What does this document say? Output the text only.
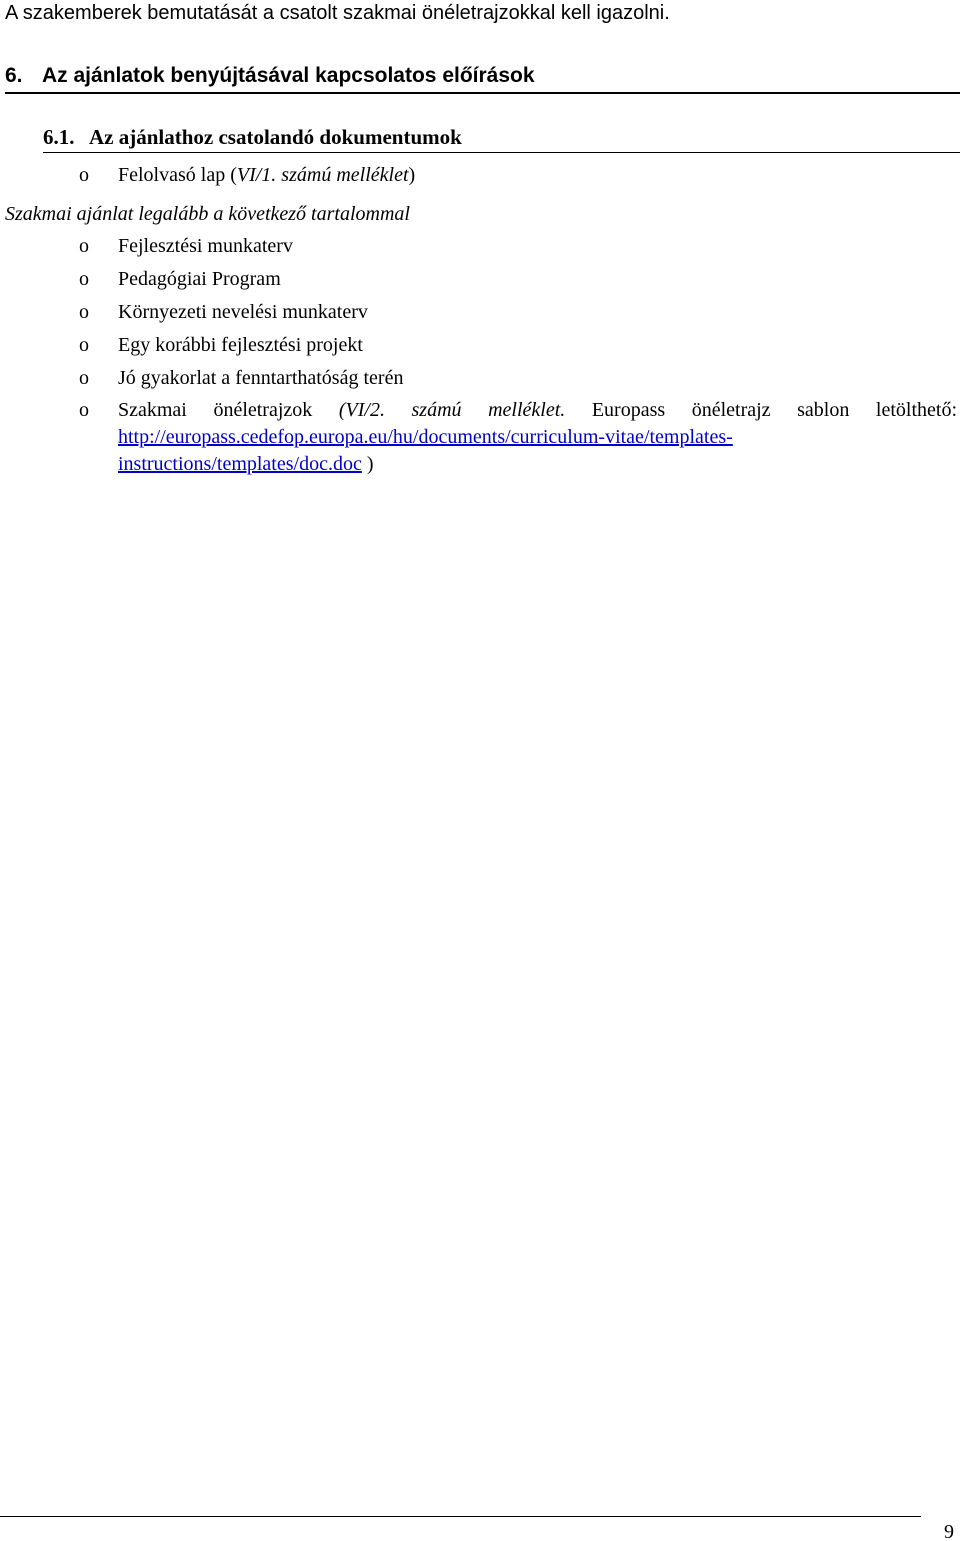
A szakemberek bemutatását a csatolt szakmai önéletrajzokkal kell igazolni.
6. Az ajánlatok benyújtásával kapcsolatos előírások
6.1. Az ajánlathoz csatolandó dokumentumok
o Felolvasó lap (VI/1. számú melléklet)
Szakmai ajánlat legalább a következő tartalommal
o Fejlesztési munkaterv
o Pedagógiai Program
o Környezeti nevelési munkaterv
o Egy korábbi fejlesztési projekt
o Jó gyakorlat a fenntarthatóság terén
o Szakmai önéletrajzok (VI/2. számú melléklet. Europass önéletrajz sablon letölthető:
http://europass.cedefop.europa.eu/hu/documents/curriculum-vitae/templates-
instructions/templates/doc.doc )
9
